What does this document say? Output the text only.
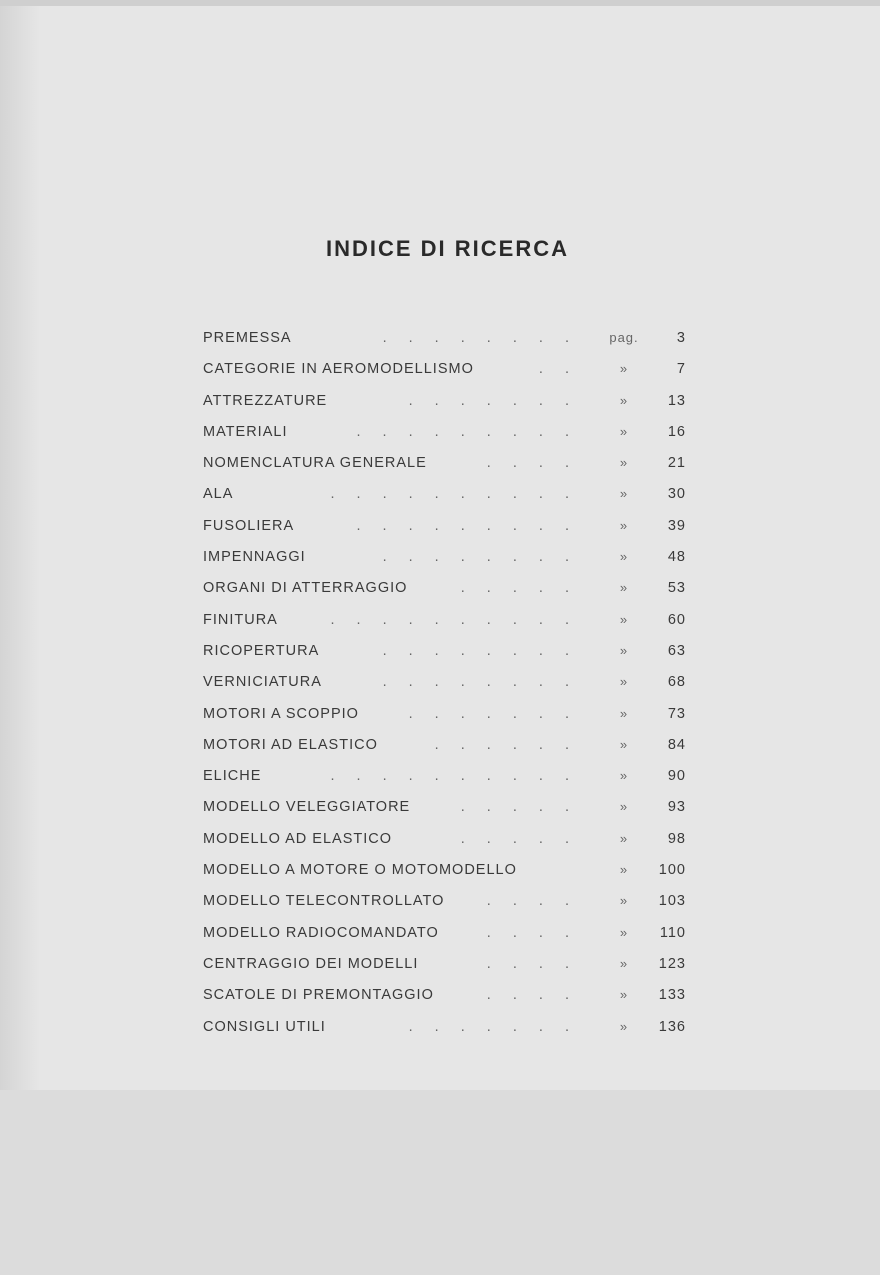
INDICE DI RICERCA
PREMESSA	. . . . . . . .	pag.	3
CATEGORIE IN AEROMODELLISMO	. .	»	7
ATTREZZATURE	. . . . . . .	»	13
MATERIALI	. . . . . . . . .	»	16
NOMENCLATURA GENERALE	. . . .	»	21
ALA	. . . . . . . . . .	»	30
FUSOLIERA	. . . . . . . . .	»	39
IMPENNAGGI	. . . . . . . .	»	48
ORGANI DI ATTERRAGGIO	. . . . .	»	53
FINITURA	. . . . . . . . . .	»	60
RICOPERTURA	. . . . . . . .	»	63
VERNICIATURA	. . . . . . . .	»	68
MOTORI A SCOPPIO	. . . . . . .	»	73
MOTORI AD ELASTICO	. . . . . .	»	84
ELICHE	. . . . . . . . . .	»	90
MODELLO VELEGGIATORE	. . . . .	»	93
MODELLO AD ELASTICO	. . . . .	»	98
MODELLO A MOTORE O MOTOMODELLO	»	100
MODELLO TELECONTROLLATO	. . . .	»	103
MODELLO RADIOCOMANDATO	. . . .	»	110
CENTRAGGIO DEI MODELLI	. . . .	»	123
SCATOLE DI PREMONTAGGIO	. . . .	»	133
CONSIGLI UTILI	. . . . . . .	»	136
